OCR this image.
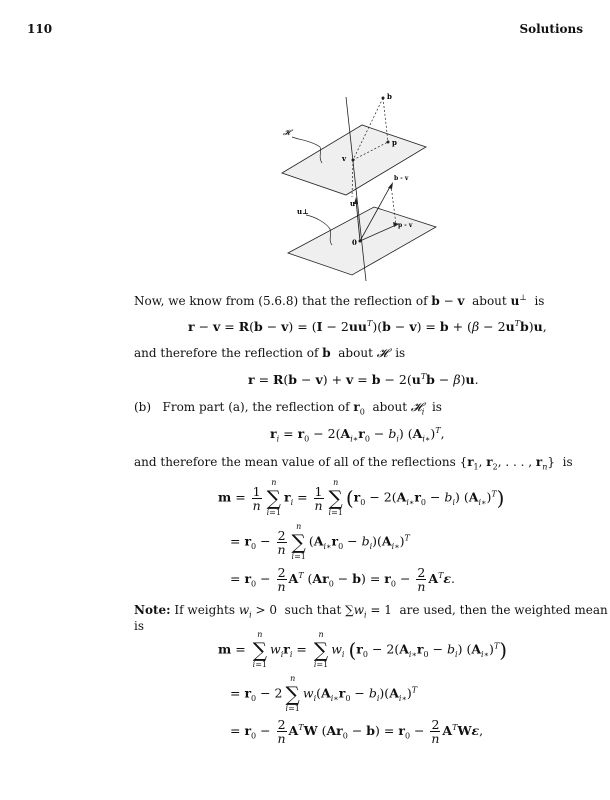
110	Solutions
b
p
v
𝓗
b - v
u
u⊥
p - v
0
Now, we know from (5.6.8) that the reflection of b − v about u⊥ is
$r - v = R(b - v) = (I - 2uu^T)(b - v) = b + (\beta - 2u^Tb)u$,
and therefore the reflection of b about 𝓗 is
$r = R(b - v) + v = b - 2(u^Tb - \beta)u$.
(b) From part (a), the reflection of $r_0$ about 𝓗$_i$ is
$r_i = r_0 - 2(A_{i∗}r_0 - b_i)$ $(A_{i∗})^T$,
and therefore the mean value of all of the reflections {$r_1$, $r_2$, . . . , $r_n$}  is
$m = \frac{1}{n}$
n
∑
i=1
$r_i = \frac{1}{n}$
n
∑
i=1
($r_0 - 2(A_{i∗}r_0 - b_i)$ $(A_{i∗})^T$)
= $r_0 - \frac{2}{n}$
n
∑
i=1
$(A_{i∗}r_0 - b_i)(A_{i∗})^T$
= $r_0 - \frac{2}{n} A^T$ $(Ar_0 - b) = r_0 - \frac{2}{n} A^T\varepsilon$.
Note: If weights $w_i > 0$  such that $\sum w_i = 1$  are used, then the weighted mean
is
m =
n
∑
i=1
$w_ir_i$ =
n
∑
i=1
$w_i$ ($r_0 - 2(A_{i∗}r_0 - b_i)$ $(A_{i∗})^T$)
= $r_0 - 2$
n
∑
i=1
$w_i(A_{i∗}r_0 - b_i)(A_{i∗})^T$
= $r_0 - \frac{2}{n} A^TW$ $(Ar_0 - b) = r_0 - \frac{2}{n} A^TW\varepsilon$,
